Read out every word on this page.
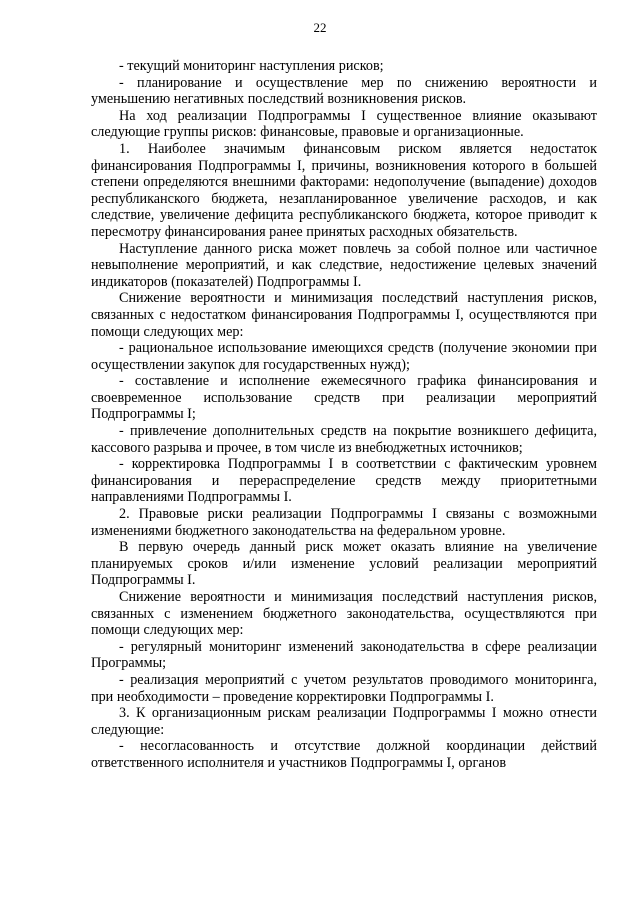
22

- текущий мониторинг наступления рисков;

- планирование и осуществление мер по снижению вероятности и уменьшению негативных последствий возникновения рисков.

На ход реализации Подпрограммы I существенное влияние оказывают следующие группы рисков: финансовые, правовые и организационные.

1. Наиболее значимым финансовым риском является недостаток финансирования Подпрограммы I, причины, возникновения которого в большей степени определяются внешними факторами: недополучение (выпадение) доходов республиканского бюджета, незапланированное увеличение расходов, и как следствие, увеличение дефицита республиканского бюджета, которое приводит к пересмотру финансирования ранее принятых расходных обязательств.

Наступление данного риска может повлечь за собой полное или частичное невыполнение мероприятий, и как следствие, недостижение целевых значений индикаторов (показателей) Подпрограммы I.

Снижение вероятности и минимизация последствий наступления рисков, связанных с недостатком финансирования Подпрограммы I, осуществляются при помощи следующих мер:

- рациональное использование имеющихся средств (получение экономии при осуществлении закупок для государственных нужд);

- составление и исполнение ежемесячного графика финансирования и своевременное использование средств при реализации мероприятий Подпрограммы I;

- привлечение дополнительных средств на покрытие возникшего дефицита, кассового разрыва и прочее, в том числе из внебюджетных источников;

- корректировка Подпрограммы I в соответствии с фактическим уровнем финансирования и перераспределение средств между приоритетными направлениями Подпрограммы I.

2. Правовые риски реализации Подпрограммы I связаны с возможными изменениями бюджетного законодательства на федеральном уровне.

В первую очередь данный риск может оказать влияние на увеличение планируемых сроков и/или изменение условий реализации мероприятий Подпрограммы I.

Снижение вероятности и минимизация последствий наступления рисков, связанных с изменением бюджетного законодательства, осуществляются при помощи следующих мер:

- регулярный мониторинг изменений законодательства в сфере реализации Программы;

- реализация мероприятий с учетом результатов проводимого мониторинга, при необходимости – проведение корректировки Подпрограммы I.

3. К организационным рискам реализации Подпрограммы I можно отнести следующие:

- несогласованность и отсутствие должной координации действий ответственного исполнителя и участников Подпрограммы I, органов
